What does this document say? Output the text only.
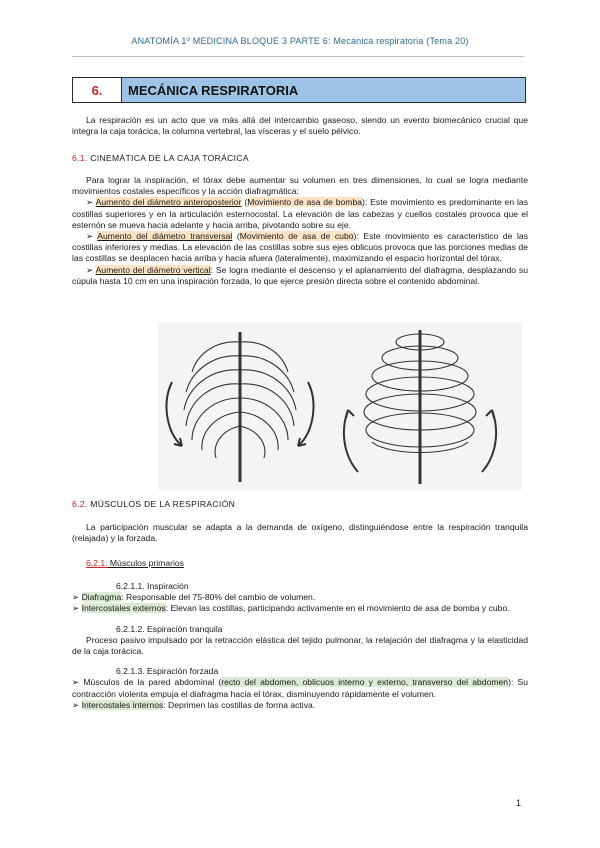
ANATOMÍA 1º MEDICINA BLOQUE 3 PARTE 6: Mecánica respiratoria (Tema 20)
6.	MECÁNICA RESPIRATORIA

La respiración es un acto que va más allá del intercambio gaseoso, siendo un evento biomecánico crucial que integra la caja torácica, la columna vertebral, las vísceras y el suelo pélvico.

6.1. CINEMÁTICA DE LA CAJA TORÁCICA

Para lograr la inspiración, el tórax debe aumentar su volumen en tres dimensiones, lo cual se logra mediante movimientos costales específicos y la acción diafragmática:

➢ Aumento del diámetro anteroposterior (Movimiento de asa de bomba): Este movimiento es predominante en las costillas superiores y en la articulación esternocostal. La elevación de las cabezas y cuellos costales provoca que el esternón se mueva hacia adelante y hacia arriba, pivotando sobre su eje.

➢ Aumento del diámetro transversal (Movimiento de asa de cubo): Este movimiento es característico de las costillas inferiores y medias. La elevación de las costillas sobre sus ejes oblicuos provoca que las porciones medias de las costillas se desplacen hacia arriba y hacia afuera (lateralmente), maximizando el espacio horizontal del tórax.

➢ Aumento del diámetro vertical: Se logra mediante el descenso y el aplanamiento del diafragma, desplazando su cúpula hasta 10 cm en una inspiración forzada, lo que ejerce presión directa sobre el contenido abdominal.

6.2. MÚSCULOS DE LA RESPIRACIÓN

La participación muscular se adapta a la demanda de oxígeno, distinguiéndose entre la respiración tranquila (relajada) y la forzada.

6.2.1. Músculos primarios

6.2.1.1. Inspiración

➢ Diafragma: Responsable del 75-80% del cambio de volumen.

➢ Intercostales externos: Elevan las costillas, participando activamente en el movimiento de asa de bomba y cubo.

6.2.1.2. Espiración tranquila

Proceso pasivo impulsado por la retracción elástica del tejido pulmonar, la relajación del diafragma y la elasticidad de la caja torácica.

6.2.1.3. Espiración forzada

➢ Músculos de la pared abdominal (recto del abdomen, oblicuos interno y externo, transverso del abdomen): Su contracción violenta empuja el diafragma hacia el tórax, disminuyendo rápidamente el volumen.

➢ Intercostales internos: Deprimen las costillas de forma activa.

1
